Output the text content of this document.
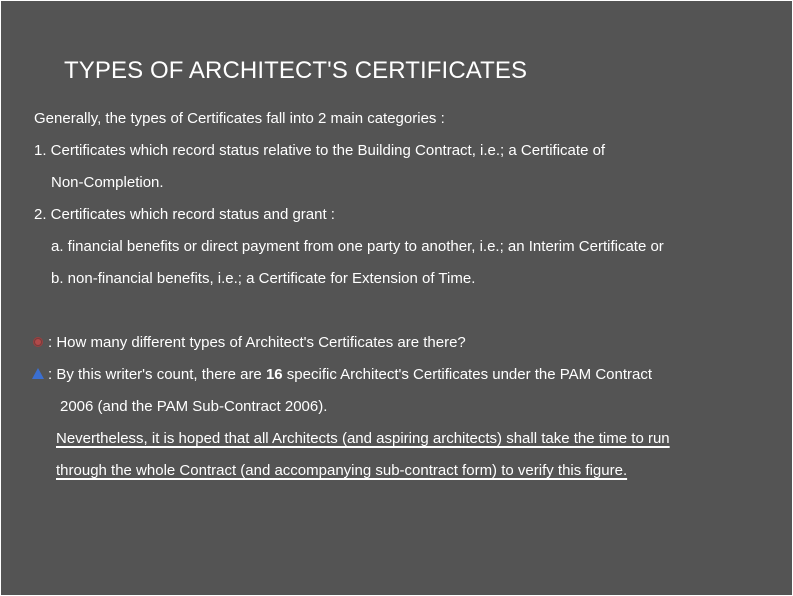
TYPES OF ARCHITECT'S CERTIFICATES
Generally, the types of Certificates fall into 2 main categories :
1. Certificates which record status relative to the Building Contract, i.e.; a Certificate of
Non-Completion.
2. Certificates which record status and grant :
a. financial benefits or direct payment from one party to another, i.e.; an Interim Certificate or
b. non-financial benefits, i.e.; a Certificate for Extension of Time.
: How many different types of Architect's Certificates are there?
: By this writer's count, there are 16 specific Architect's Certificates under the PAM Contract
2006 (and the PAM Sub-Contract 2006).
Nevertheless, it is hoped that all Architects (and aspiring architects) shall take the time to run
through the whole Contract (and accompanying sub-contract form) to verify this figure.
